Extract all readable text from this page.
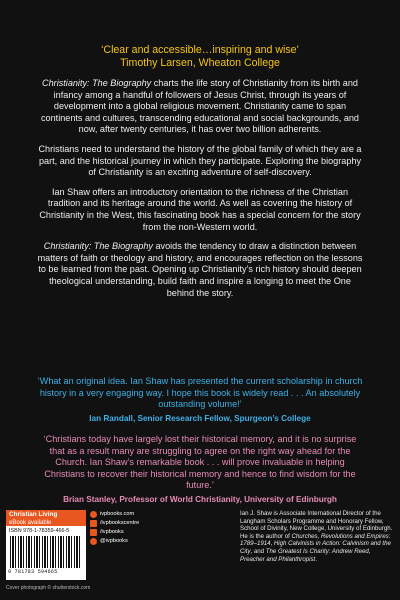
‘Clear and accessible…inspiring and wise’
Timothy Larsen, Wheaton College

Christianity: The Biography charts the life story of Christianity from its birth and infancy among a handful of followers of Jesus Christ, through its years of development into a global religious movement. Christianity came to span continents and cultures, transcending educational and social backgrounds, and now, after twenty centuries, it has over two billion adherents.

Christians need to understand the history of the global family of which they are a part, and the historical journey in which they participate. Exploring the biography of Christianity is an exciting adventure of self-discovery.

Ian Shaw offers an introductory orientation to the richness of the Christian tradition and its heritage around the world. As well as covering the history of Christianity in the West, this fascinating book has a special concern for the story from the non-Western world.

Christianity: The Biography avoids the tendency to draw a distinction between matters of faith or theology and history, and encourages reflection on the lessons to be learned from the past. Opening up Christianity’s rich history should deepen theological understanding, build faith and inspire a longing to meet the One behind the story.

‘What an original idea. Ian Shaw has presented the current scholarship in church history in a very engaging way. I hope this book is widely read . . . An absolutely outstanding volume!’
Ian Randall, Senior Research Fellow, Spurgeon’s College
‘Christians today have largely lost their historical memory, and it is no surprise that as a result many are struggling to agree on the right way ahead for the Church. Ian Shaw’s remarkable book . . . will prove invaluable in helping Christians to recover their historical memory and hence to find wisdom for the future.’
Brian Stanley, Professor of World Christianity, University of Edinburgh
Christian Living
eBook available
ISBN 978-1-78359-466-5
9 781783 594665
Cover photograph © shutterstock.com
ivpbooks.com
/ivpbookscentre
/ivpbooks
@ivpbooks
Ian J. Shaw is Associate International Director of the Langham Scholars Programme and Honorary Fellow, School of Divinity, New College, University of Edinburgh. He is the author of Churches, Revolutions and Empires: 1789–1914, High Calvinists in Action: Calvinism and the City, and The Greatest Is Charity: Andrew Reed, Preacher and Philanthropist.
